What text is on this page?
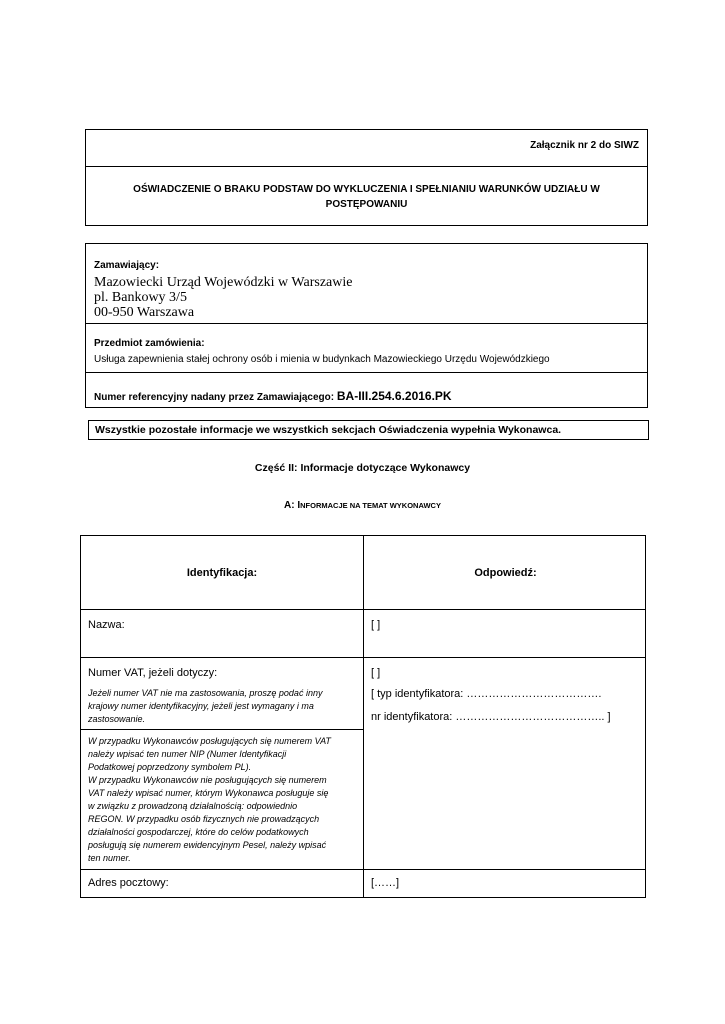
Załącznik nr 2 do SIWZ
OŚWIADCZENIE O BRAKU PODSTAW DO WYKLUCZENIA I SPEŁNIANIU WARUNKÓW UDZIAŁU W
POSTĘPOWANIU
Zamawiający:
Mazowiecki Urząd Wojewódzki w Warszawie
pl. Bankowy 3/5
00-950 Warszawa
Przedmiot zamówienia:
Usługa zapewnienia stałej ochrony osób i mienia w budynkach Mazowieckiego Urzędu Wojewódzkiego
Numer referencyjny nadany przez Zamawiającego: BA-III.254.6.2016.PK
Wszystkie pozostałe informacje we wszystkich sekcjach Oświadczenia wypełnia Wykonawca.
Część II: Informacje dotyczące Wykonawcy
A: INFORMACJE NA TEMAT WYKONAWCY
Identyfikacja:	Odpowiedź:
Nazwa:	[ ]
Numer VAT, jeżeli dotyczy:
Jeżeli numer VAT nie ma zastosowania, proszę podać inny
krajowy numer identyfikacyjny, jeżeli jest wymagany i ma
zastosowanie.
W przypadku Wykonawców posługujących się numerem VAT
należy wpisać ten numer NIP (Numer Identyfikacji
Podatkowej poprzedzony symbolem PL).
W przypadku Wykonawców nie posługujących się numerem
VAT należy wpisać numer, którym Wykonawca posługuje się
w związku z prowadzoną działalnością: odpowiednio
REGON. W przypadku osób fizycznych nie prowadzących
działalności gospodarczej, które do celów podatkowych
posługują się numerem ewidencyjnym Pesel, należy wpisać
ten numer.
[ ]
[ typ identyfikatora: ……………………………….
nr identyfikatora: ………………………………….. ]
Adres pocztowy:	[……]
